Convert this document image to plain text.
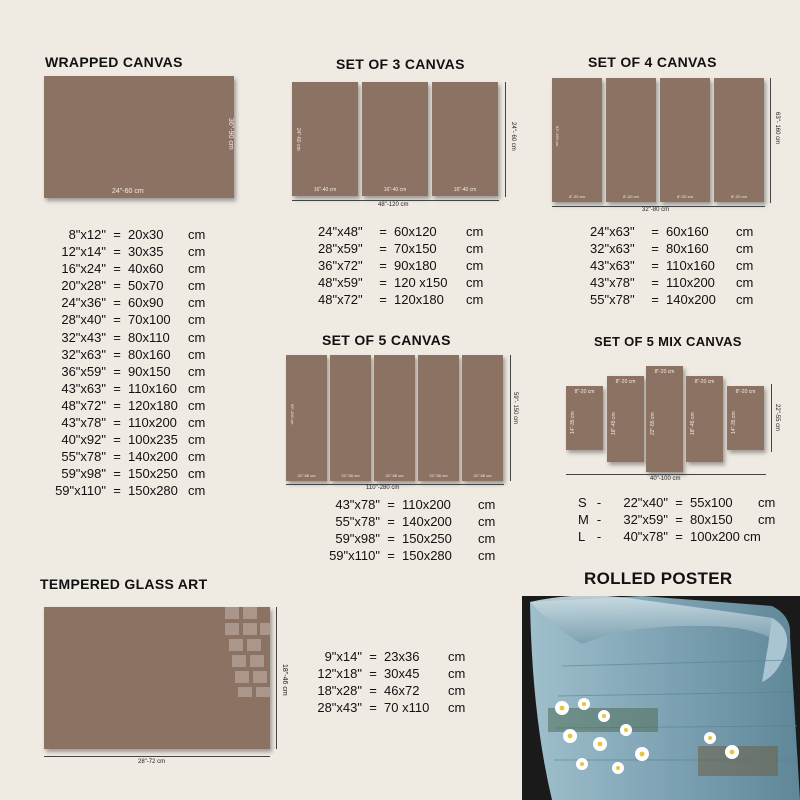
WRAPPED CANVAS
24"-60 cm
36"-90 cm
8"x12" = 20x30	cm
12"x14" = 30x35	cm
16"x24" = 40x60	cm
20"x28" = 50x70	cm
24"x36" = 60x90	cm
28"x40" = 70x100	cm
32"x43" = 80x110	cm
32"x63" = 80x160	cm
36"x59" = 90x150	cm
43"x63" = 110x160 cm
48"x72" = 120x180 cm
43"x78" = 110x200 cm
40"x92" = 100x235 cm
55"x78" = 140x200 cm
59"x98" = 150x250 cm
59"x110" = 150x280 cm
SET OF 3 CANVAS
16"-40 cm	16"-40 cm	16"-40 cm
48"-120 cm
24"- 60 cm
24"-60 cm
24"x48"	= 60x120	cm
28"x59"	= 70x150	cm
36"x72"	= 90x180	cm
48"x59"	= 120 x150	cm
48"x72"	= 120x180	cm
SET OF 4 CANVAS
8"-20 cm	8"-20 cm	8"-20 cm	8"-20 cm
32"-80 cm
63"- 160 cm
63"-160 cm
24"x63"	= 60x160	cm
32"x63"	= 80x160	cm
43"x63"	= 110x160	cm
43"x78"	= 110x200	cm
55"x78"	= 140x200	cm
SET OF 5 CANVAS
22"-56 cm	22"-56 cm	22"-56 cm	22"-56 cm	22"-56 cm
110"-280 cm
59"- 150 cm
59"-150 cm
43"x78" = 110x200	cm
55"x78" = 140x200	cm
59"x98" = 150x250	cm
59"x110" = 150x280	cm
SET OF 5 MIX CANVAS
8"-20 cm
14"-35 cm
8"-20 cm
18"-45 cm
8"-20 cm
22"-55 cm
8"-20 cm
18"-45 cm
8"-20 cm
14"-35 cm
40"-100 cm
22"-55 cm
S -	22"x40" = 55x100	cm
M -	32"x59" = 80x150	cm
L -	40"x78" = 100x200 cm
TEMPERED GLASS ART
28"-72 cm
18"-46 cm
9"x14" = 23x36	cm
12"x18" = 30x45	cm
18"x28" = 46x72	cm
28"x43" = 70 x110	cm
ROLLED POSTER
